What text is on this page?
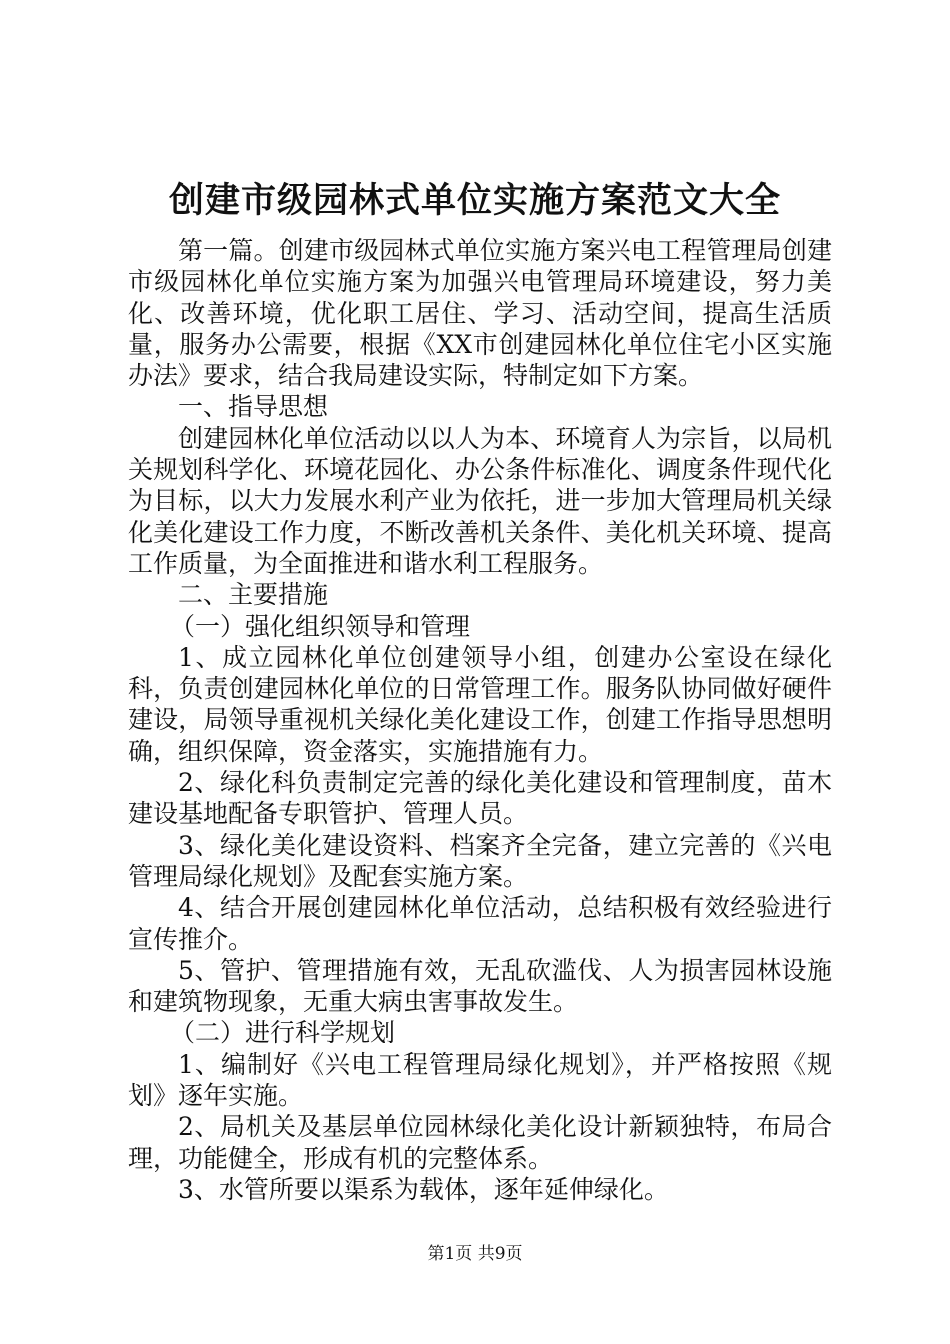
创建市级园林式单位实施方案范文大全

第一篇。创建市级园林式单位实施方案兴电工程管理局创建市级园林化单位实施方案为加强兴电管理局环境建设，努力美化、改善环境，优化职工居住、学习、活动空间，提高生活质量，服务办公需要，根据《XX市创建园林化单位住宅小区实施办法》要求，结合我局建设实际，特制定如下方案。

一、指导思想

创建园林化单位活动以以人为本、环境育人为宗旨，以局机关规划科学化、环境花园化、办公条件标准化、调度条件现代化为目标，以大力发展水利产业为依托，进一步加大管理局机关绿化美化建设工作力度，不断改善机关条件、美化机关环境、提高工作质量，为全面推进和谐水利工程服务。

二、主要措施

（一）强化组织领导和管理

1、成立园林化单位创建领导小组，创建办公室设在绿化科，负责创建园林化单位的日常管理工作。服务队协同做好硬件建设，局领导重视机关绿化美化建设工作，创建工作指导思想明确，组织保障，资金落实，实施措施有力。

2、绿化科负责制定完善的绿化美化建设和管理制度，苗木建设基地配备专职管护、管理人员。

3、绿化美化建设资料、档案齐全完备，建立完善的《兴电管理局绿化规划》及配套实施方案。

4、结合开展创建园林化单位活动，总结积极有效经验进行宣传推介。

5、管护、管理措施有效，无乱砍滥伐、人为损害园林设施和建筑物现象，无重大病虫害事故发生。

（二）进行科学规划

1、编制好《兴电工程管理局绿化规划》，并严格按照《规划》逐年实施。

2、局机关及基层单位园林绿化美化设计新颖独特，布局合理，功能健全，形成有机的完整体系。

3、水管所要以渠系为载体，逐年延伸绿化。

第1页 共9页
